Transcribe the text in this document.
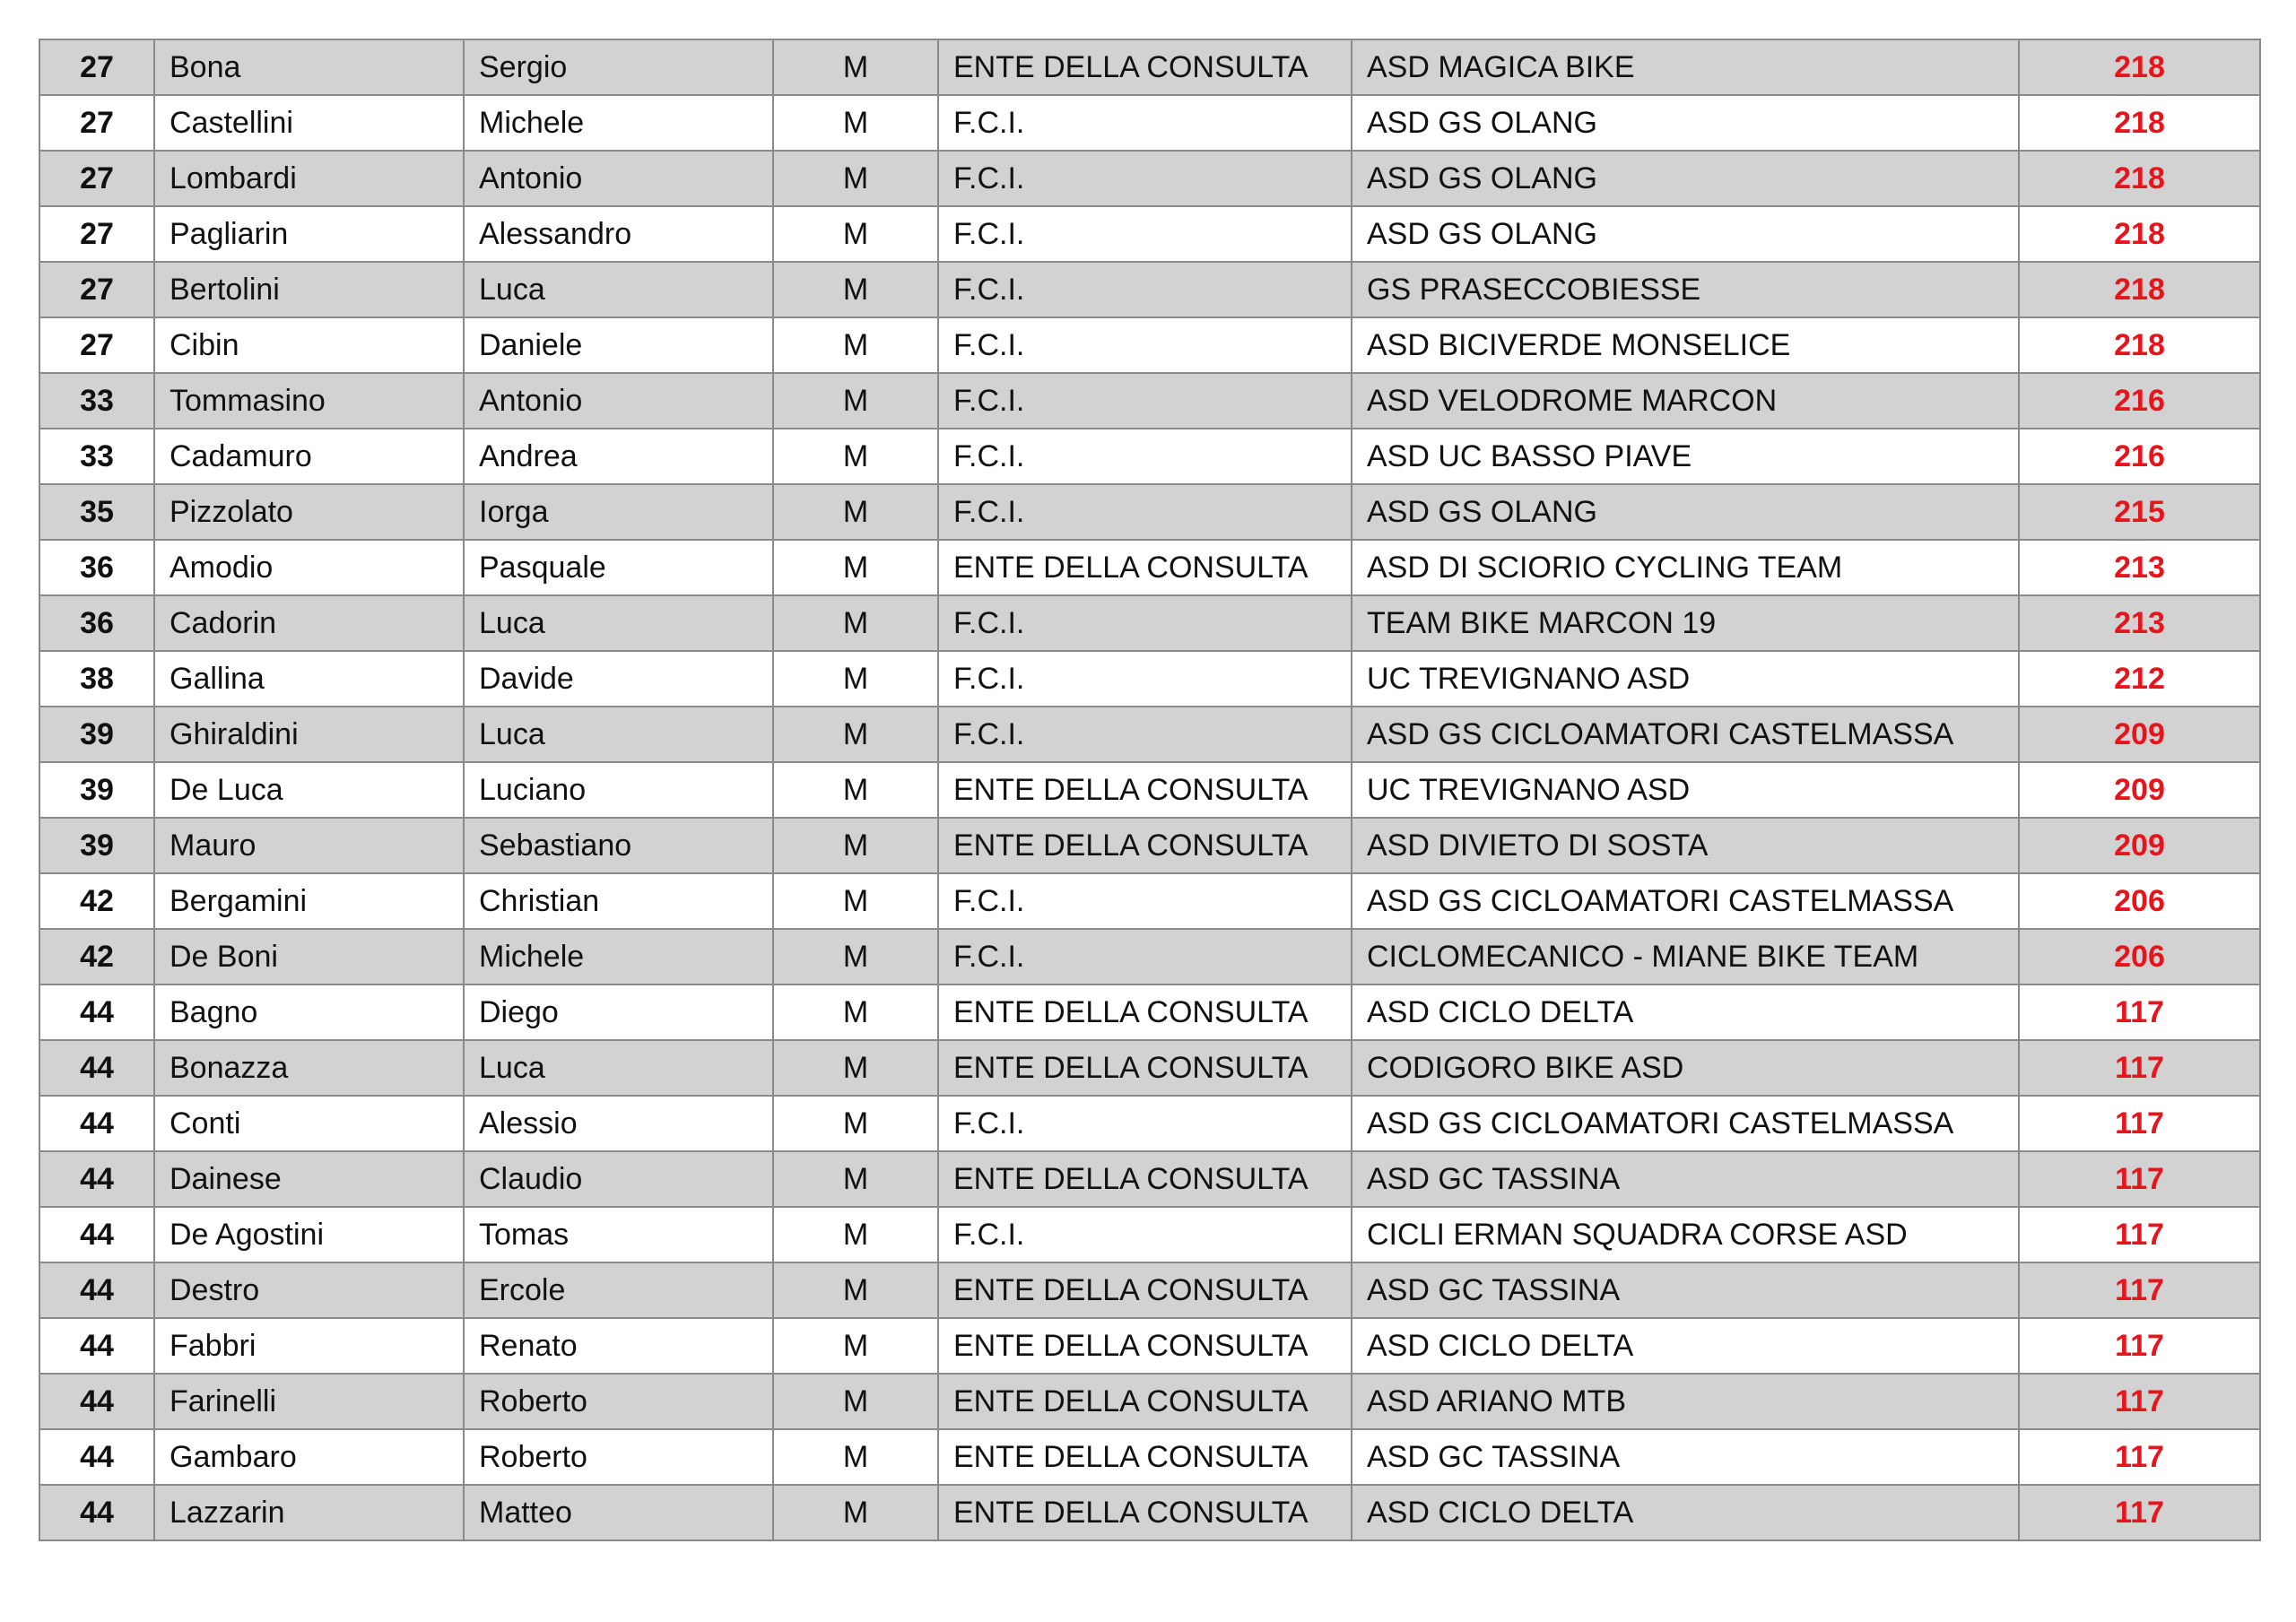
27	Bona	Sergio	M	ENTE DELLA CONSULTA	ASD MAGICA BIKE	218
27	Castellini	Michele	M	F.C.I.	ASD GS OLANG	218
27	Lombardi	Antonio	M	F.C.I.	ASD GS OLANG	218
27	Pagliarin	Alessandro	M	F.C.I.	ASD GS OLANG	218
27	Bertolini	Luca	M	F.C.I.	GS PRASECCOBIESSE	218
27	Cibin	Daniele	M	F.C.I.	ASD BICIVERDE MONSELICE	218
33	Tommasino	Antonio	M	F.C.I.	ASD VELODROME MARCON	216
33	Cadamuro	Andrea	M	F.C.I.	ASD UC BASSO PIAVE	216
35	Pizzolato	Iorga	M	F.C.I.	ASD GS OLANG	215
36	Amodio	Pasquale	M	ENTE DELLA CONSULTA	ASD DI SCIORIO CYCLING TEAM	213
36	Cadorin	Luca	M	F.C.I.	TEAM BIKE MARCON 19	213
38	Gallina	Davide	M	F.C.I.	UC TREVIGNANO ASD	212
39	Ghiraldini	Luca	M	F.C.I.	ASD GS CICLOAMATORI CASTELMASSA	209
39	De Luca	Luciano	M	ENTE DELLA CONSULTA	UC TREVIGNANO ASD	209
39	Mauro	Sebastiano	M	ENTE DELLA CONSULTA	ASD DIVIETO DI SOSTA	209
42	Bergamini	Christian	M	F.C.I.	ASD GS CICLOAMATORI CASTELMASSA	206
42	De Boni	Michele	M	F.C.I.	CICLOMECANICO - MIANE BIKE TEAM	206
44	Bagno	Diego	M	ENTE DELLA CONSULTA	ASD CICLO DELTA	117
44	Bonazza	Luca	M	ENTE DELLA CONSULTA	CODIGORO BIKE ASD	117
44	Conti	Alessio	M	F.C.I.	ASD GS CICLOAMATORI CASTELMASSA	117
44	Dainese	Claudio	M	ENTE DELLA CONSULTA	ASD GC TASSINA	117
44	De Agostini	Tomas	M	F.C.I.	CICLI ERMAN SQUADRA CORSE ASD	117
44	Destro	Ercole	M	ENTE DELLA CONSULTA	ASD GC TASSINA	117
44	Fabbri	Renato	M	ENTE DELLA CONSULTA	ASD CICLO DELTA	117
44	Farinelli	Roberto	M	ENTE DELLA CONSULTA	ASD ARIANO MTB	117
44	Gambaro	Roberto	M	ENTE DELLA CONSULTA	ASD GC TASSINA	117
44	Lazzarin	Matteo	M	ENTE DELLA CONSULTA	ASD CICLO DELTA	117
